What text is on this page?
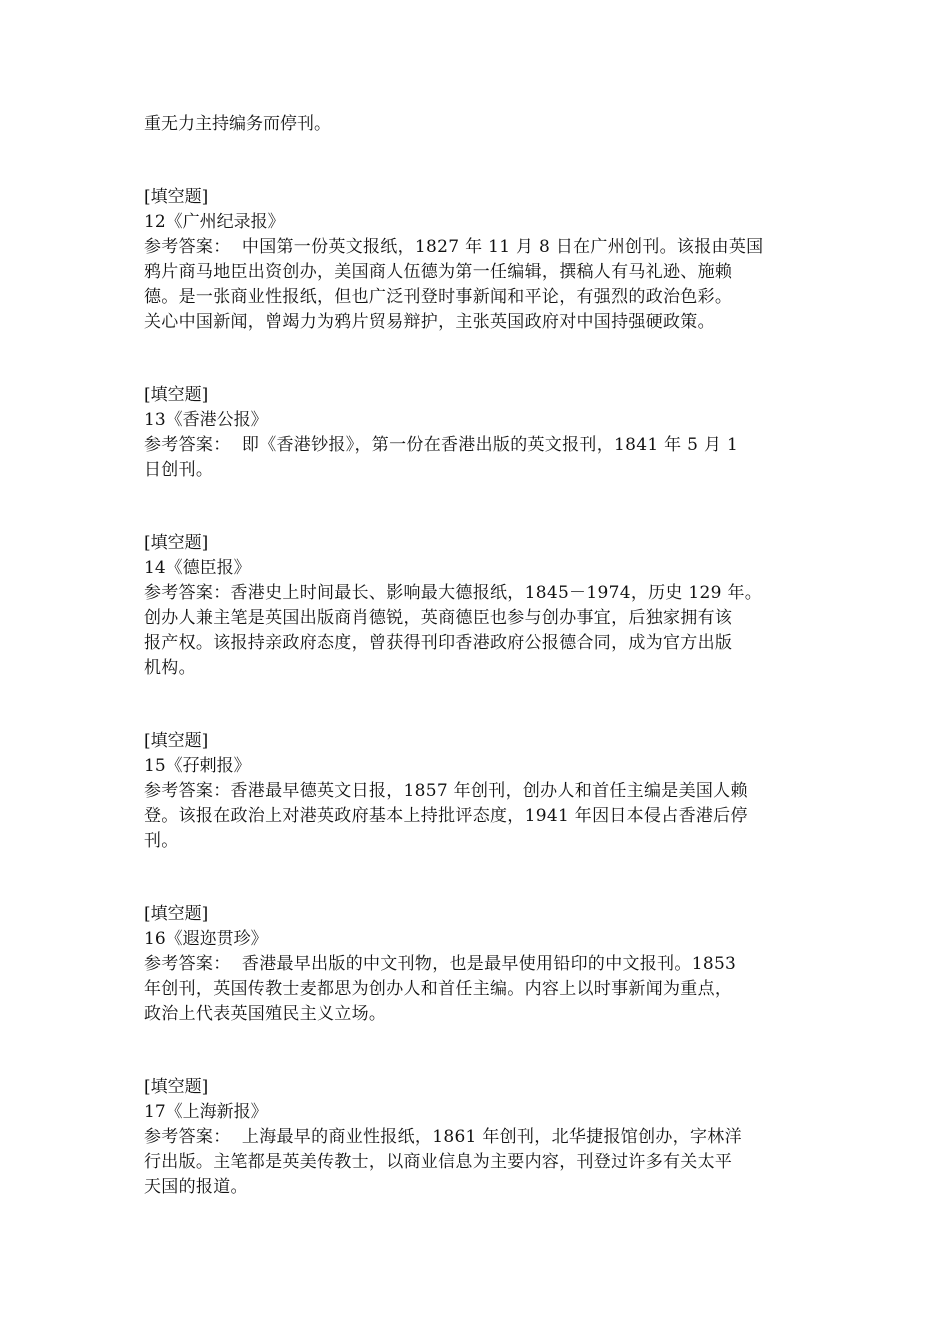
重无力主持编务而停刊。
[填空题]
12《广州纪录报》
参考答案：  中国第一份英文报纸，1827 年 11 月 8 日在广州创刊。该报由英国
鸦片商马地臣出资创办，美国商人伍德为第一任编辑，撰稿人有马礼逊、施赖
德。是一张商业性报纸，但也广泛刊登时事新闻和平论，有强烈的政治色彩。
关心中国新闻，曾竭力为鸦片贸易辩护，主张英国政府对中国持强硬政策。
[填空题]
13《香港公报》
参考答案：  即《香港钞报》，第一份在香港出版的英文报刊，1841 年 5 月 1
日创刊。
[填空题]
14《德臣报》
参考答案：香港史上时间最长、影响最大德报纸，1845－1974，历史 129 年。
创办人兼主笔是英国出版商肖德锐，英商德臣也参与创办事宜，后独家拥有该
报产权。该报持亲政府态度，曾获得刊印香港政府公报德合同，成为官方出版
机构。
[填空题]
15《孖剌报》
参考答案：香港最早德英文日报，1857 年创刊，创办人和首任主编是美国人赖
登。该报在政治上对港英政府基本上持批评态度，1941 年因日本侵占香港后停
刊。
[填空题]
16《遐迩贯珍》
参考答案：  香港最早出版的中文刊物，也是最早使用铅印的中文报刊。1853
年创刊，英国传教士麦都思为创办人和首任主编。内容上以时事新闻为重点，
政治上代表英国殖民主义立场。
[填空题]
17《上海新报》
参考答案：  上海最早的商业性报纸，1861 年创刊，北华捷报馆创办，字林洋
行出版。主笔都是英美传教士，以商业信息为主要内容，刊登过许多有关太平
天国的报道。
